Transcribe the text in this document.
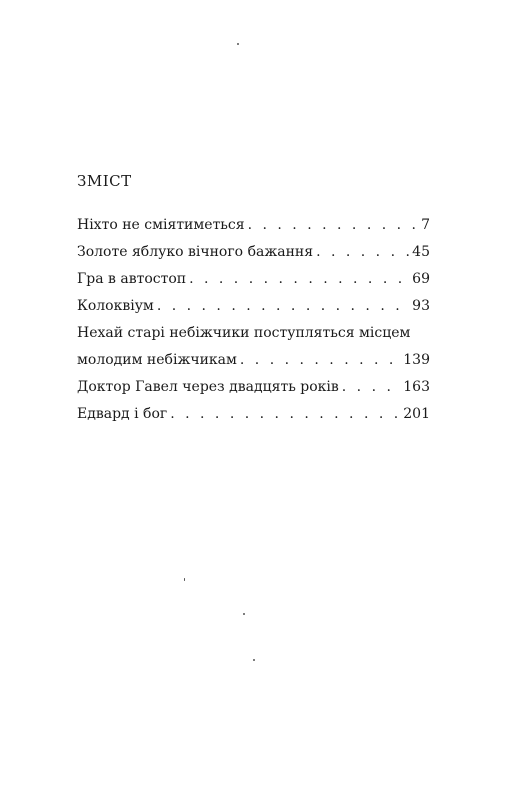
ЗМІСТ
Ніхто не сміятиметься . . .	7
Золоте яблуко вічного бажання . . .	45
Гра в автостоп . . .	69
Колоквіум . . .	93
Нехай старі небіжчики поступляться місцем
молодим небіжчикам . . .	139
Доктор Гавел через двадцять років . . .	163
Едвард і бог . . .	201
